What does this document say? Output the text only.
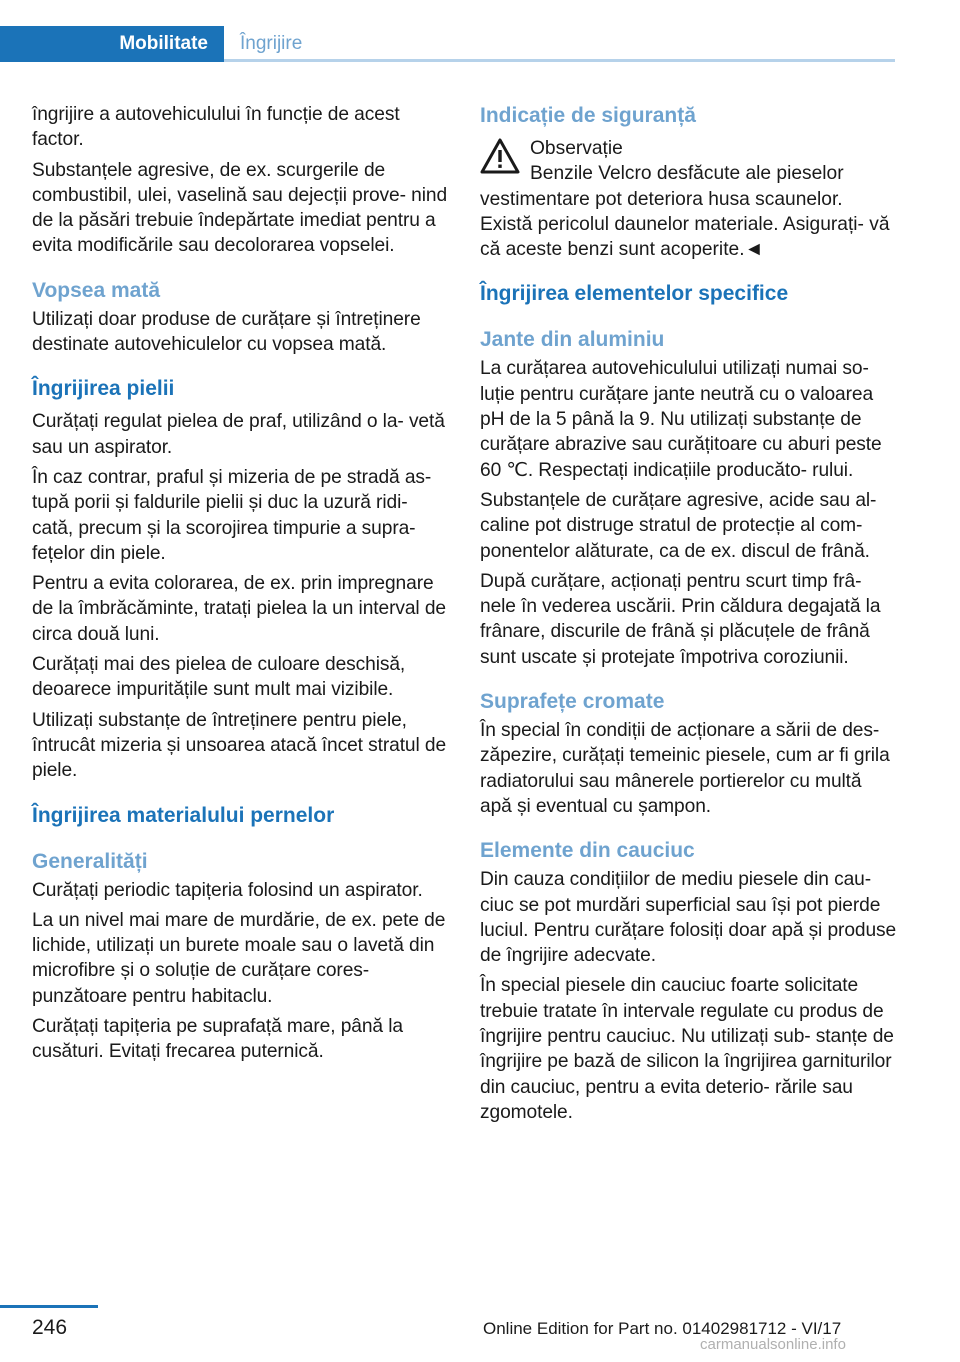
Mobilitate	Îngrijire

îngrijire a autovehiculului în funcție de acest factor.

Substanțele agresive, de ex. scurgerile de combustibil, ulei, vaselină sau dejecții prove- nind de la păsări trebuie îndepărtate imediat pentru a evita modificările sau decolorarea vopselei.

Vopsea mată

Utilizați doar produse de curățare și întreținere destinate autovehiculelor cu vopsea mată.

Îngrijirea pielii

Curățați regulat pielea de praf, utilizând o la- vetă sau un aspirator.

În caz contrar, praful și mizeria de pe stradă as- tupă porii și faldurile pielii și duc la uzură ridi- cată, precum și la scorojirea timpurie a supra- fețelor din piele.

Pentru a evita colorarea, de ex. prin impregnare de la îmbrăcăminte, tratați pielea la un interval de circa două luni.

Curățați mai des pielea de culoare deschisă, deoarece impuritățile sunt mult mai vizibile.

Utilizați substanțe de întreținere pentru piele, întrucât mizeria și unsoarea atacă încet stratul de piele.

Îngrijirea materialului pernelor
Generalități

Curățați periodic tapițeria folosind un aspirator.

La un nivel mai mare de murdărie, de ex. pete de lichide, utilizați un burete moale sau o lavetă din microfibre și o soluție de curățare cores- punzătoare pentru habitaclu.

Curățați tapițeria pe suprafață mare, până la cusături. Evitați frecarea puternică.

Indicație de siguranță
Observație
Benzile Velcro desfăcute ale pieselor
vestimentare pot deteriora husa scaunelor. Există pericolul daunelor materiale. Asigurați- vă că aceste benzi sunt acoperite.◄
Îngrijirea elementelor specifice
Jante din aluminiu

La curățarea autovehiculului utilizați numai so- luție pentru curățare jante neutră cu o valoarea pH de la 5 până la 9. Nu utilizați substanțe de curățare abrazive sau curățitoare cu aburi peste 60 ℃. Respectați indicațiile producăto- rului.

Substanțele de curățare agresive, acide sau al- caline pot distruge stratul de protecție al com- ponentelor alăturate, ca de ex. discul de frână.

După curățare, acționați pentru scurt timp frâ- nele în vederea uscării. Prin căldura degajată la frânare, discurile de frână și plăcuțele de frână sunt uscate și protejate împotriva coroziunii.

Suprafețe cromate

În special în condiții de acționare a sării de des- zăpezire, curățați temeinic piesele, cum ar fi grila radiatorului sau mânerele portierelor cu multă apă și eventual cu șampon.

Elemente din cauciuc

Din cauza condițiilor de mediu piesele din cau- ciuc se pot murdări superficial sau își pot pierde luciul. Pentru curățare folosiți doar apă și produse de îngrijire adecvate.

În special piesele din cauciuc foarte solicitate trebuie tratate în intervale regulate cu produs de îngrijire pentru cauciuc. Nu utilizați sub- stanțe de îngrijire pe bază de silicon la îngrijirea garniturilor din cauciuc, pentru a evita deterio- rările sau zgomotele.

246	Online Edition for Part no. 01402981712 - VI/17
carmanualsonline.info
